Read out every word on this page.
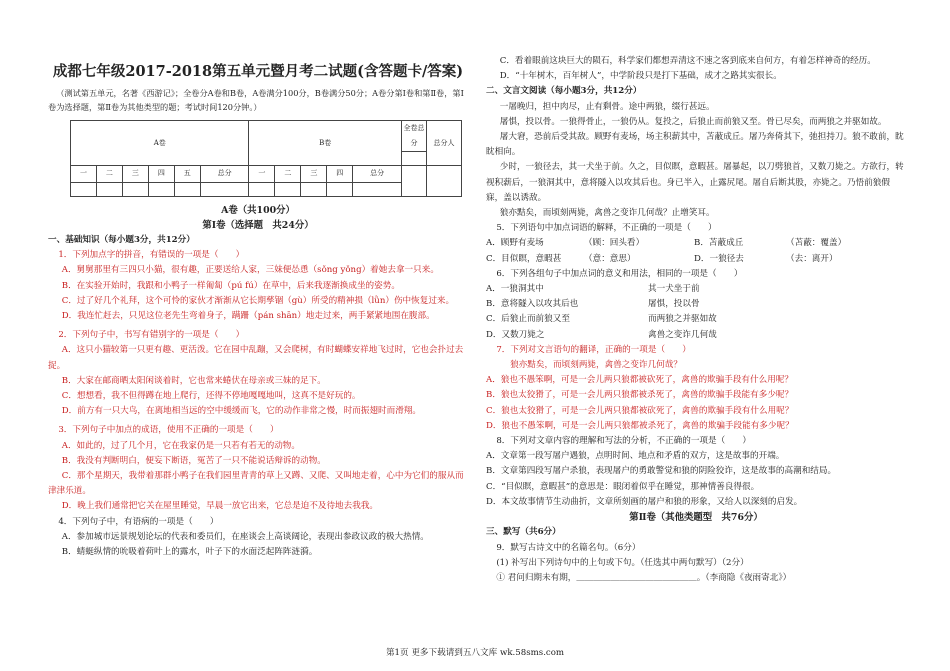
成都七年级2017-2018第五单元暨月考二试题(含答题卡/答案)

（测试第五单元，名著《西游记》；全卷分A卷和B卷，A卷满分100分，B卷满分50分；A卷分第Ⅰ卷和第Ⅱ卷，第Ⅰ卷为选择题，第Ⅱ卷为其他类型的题；考试时间120分钟。）

A卷						B卷					全卷总分	总分人

一	二	三	四	五	总分	一	二	三	四	总分		

A卷（共100分）

第Ⅰ卷（选择题　共24分）

一、基础知识（每小题3分，共12分）

1．下列加点字的拼音，有错误的一项是（　　）

A．舅舅那里有三四只小猫，很有趣，正要送给人家，三妹便怂恿（sǒng yǒng）着她去拿一只来。

B．在实验开始时，我跟和小鸭子一样匍匐（pú fú）在草中，后来我逐渐换成坐的姿势。

C．过了好几个礼拜，这个可怜的家伙才渐渐从它长期孳锢（gù）所受的精神损（lǜn）伤中恢复过来。

D．我连忙赶去，只见这位老先生弯着身子，蹒跚（pán shān）地走过来，两手紧紧地围在腹部。

2．下列句子中，书写有错别字的一项是（　　）

A．这只小猫较第一只更有趣、更活泼。它在园中乱蹦，又会爬树，有时蝴蝶安祥地飞过时，它也会扑过去捉。

B．大家在邮商晒太阳闲谈着时，它也常来蜷伏在母亲或三妹的足下。

C．想想看，我不但得蹲在地上爬行，还得不停地嘎嘎地叫，这真不是好玩的。

D．前方有一只大鸟，在离地相当远的空中缓缓而飞，它的动作非常之慢，时而振翅时而滑翔。

3．下列句子中加点的成语，使用不正确的一项是（　　）

A．如此的，过了几个月，它在我家仍是一只若有若无的动物。

B．我没有判断明白，便妄下断语，冤苦了一只不能说话辩诉的动物。

C．那个星期天，我带着那群小鸭子在我们园里青青的草上又蹲、又爬、又叫地走着，心中为它们的服从而津津乐道。

D．晚上我们通常把它关在屋里睡觉，早晨一放它出来，它总是迫不及待地去我我。

4．下列句子中，有语病的一项是（　　）

A．参加城市远景规划论坛的代表和委员们，在座谈会上高谈阔论，表现出参政议政的极大热情。

B．蜻蜓纵情的吮吸着荷叶上的露水，叶子下的水面泛起阵阵涟漪。

C．看着眼前这块巨大的陨石，科学家们都想弄清这不速之客到底来自何方，有着怎样神奇的经历。

D．“十年树木，百年树人”，中学阶段只是打下基础，成才之路其实很长。

二、文言文阅读（每小题3分，共12分）

一屠晚归，担中肉尽，止有剩骨。途中两狼，缀行甚远。

屠惧，投以骨。一狼得骨止，一狼仍从。复投之，后狼止而前狼又至。骨已尽矣，而两狼之并驱如故。

屠大窘，恐前后受其敌。顾野有麦场，场主积薪其中，苫蔽成丘。屠乃奔倚其下，弛担持刀。狼不敢前，眈眈相向。

少时，一狼径去，其一犬坐于前。久之，目似瞑，意暇甚。屠暴起，以刀劈狼首，又数刀毙之。方欲行，转视积薪后，一狼洞其中，意将隧入以攻其后也。身已半入，止露尻尾。屠自后断其股，亦毙之。乃悟前狼假寐，盖以诱敌。

狼亦黠矣，而顷刻两毙，禽兽之变诈几何哉？止增笑耳。

5．下列语句中加点词语的解释，不正确的一项是（　　）

A．顾野有麦场	（顾：回头看）	B．苫蔽成丘	（苫蔽：覆盖）
C．目似瞑，意暇甚	（意：意思）	D．一狼径去	（去：离开）

6．下列各组句子中加点词的意义和用法，相同的一项是（　　）

A．一狼洞其中	其一犬坐于前
B．意将隧入以攻其后也	屠惧，投以骨
C．后狼止而前狼又至	而两狼之并驱如故
D．又数刀毙之	禽兽之变诈几何哉

7．下列对文言语句的翻译，正确的一项是（　　）

狼亦黠矣，而顷刻两毙，禽兽之变诈几何哉？

A．狼也不愚笨啊，可是一会儿两只狼都被砍死了，禽兽的欺骗手段有什么用呢？

B．狼也太狡猾了，可是一会儿两只狼都被杀死了，禽兽的欺骗手段能有多少呢？

C．狼也太狡猾了，可是一会儿两只狼都被砍死了，禽兽的欺骗手段有什么用呢？

D．狼也不愚笨啊，可是一会儿两只狼都被杀死了，禽兽的欺骗手段能有多少呢？

8．下列对文章内容的理解和写法的分析，不正确的一项是（　　）

A．文章第一段写屠户遇狼，点明时间、地点和矛盾的双方，这是故事的开端。

B．文章第四段写屠户杀狼，表现屠户的勇敢警觉和狼的阴险狡诈，这是故事的高潮和结局。

C．“目似瞑，意暇甚”的意思是：眼闭着似乎在睡觉，那神情善良得很。

D．本文故事情节生动曲折，文章所刻画的屠户和狼的形象，又给人以深刻的启发。

第Ⅱ卷（其他类题型　共76分）

三、默写（共6分）

9．默写古诗文中的名篇名句。（6分）

(1) 补写出下列诗句中的上句或下句。（任选其中两句默写）（2分）

① 君问归期未有期，＿＿＿＿＿＿＿＿＿＿＿＿＿＿。（李商隐《夜雨寄北》）

第1页 更多下载请到五八文库 wk.58sms.com
